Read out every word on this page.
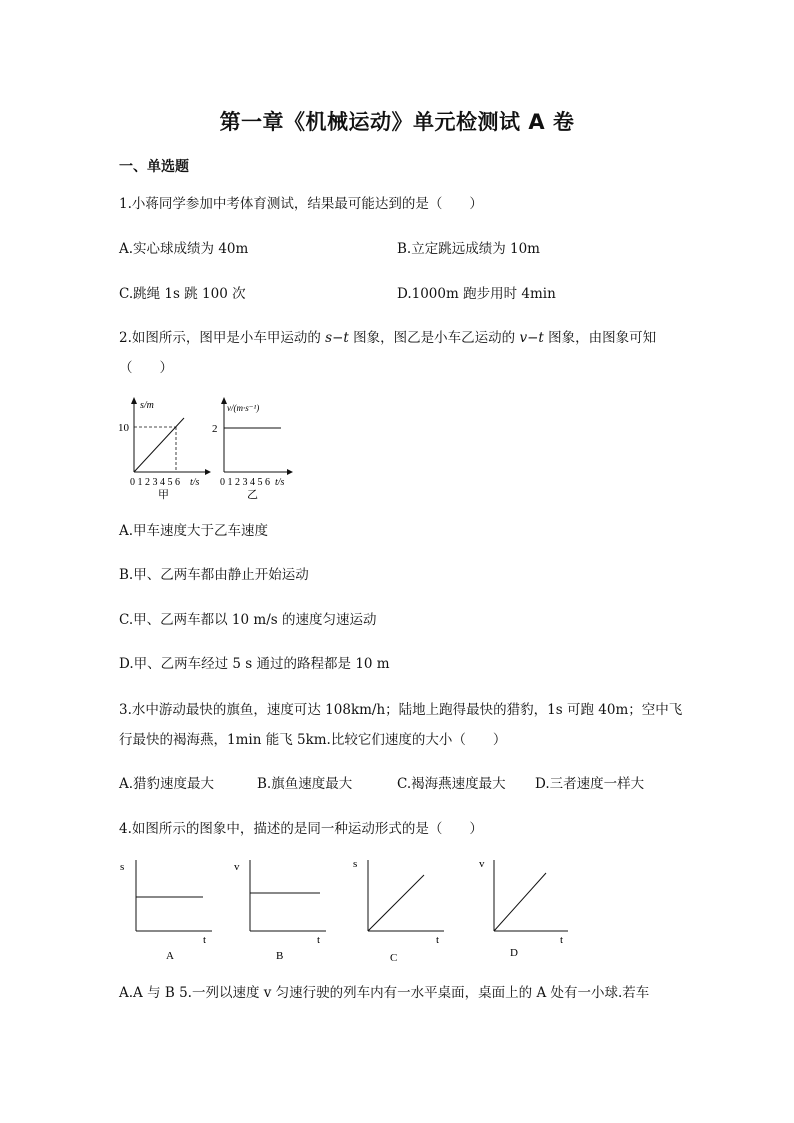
第一章《机械运动》单元检测试 A 卷
一、单选题
1.小蒋同学参加中考体育测试，结果最可能达到的是（　　）
A.实心球成绩为 40m	B.立定跳远成绩为 10m
C.跳绳 1s 跳 100 次	D.1000m 跑步用时 4min
2.如图所示，图甲是小车甲运动的 s−t 图象，图乙是小车乙运动的 v−t 图象，由图象可知
（　　）
s/m
10
0 1 2 3 4 5 6 t/s
甲
v/(m·s⁻¹)
2
0 1 2 3 4 5 6 t/s
乙
A.甲车速度大于乙车速度
B.甲、乙两车都由静止开始运动
C.甲、乙两车都以 10 m/s 的速度匀速运动
D.甲、乙两车经过 5 s 通过的路程都是 10 m
3.水中游动最快的旗鱼，速度可达 108km/h；陆地上跑得最快的猎豹，1s 可跑 40m；空中飞
行最快的褐海燕，1min 能飞 5km.比较它们速度的大小（　　）
A.猎豹速度最大	B.旗鱼速度最大	C.褐海燕速度最大 D.三者速度一样大
4.如图所示的图象中，描述的是同一种运动形式的是（　　）
s
t
A
v
t
B
s
t
C
v
t
D
A.A 与 B 5.一列以速度 v 匀速行驶的列车内有一水平桌面，桌面上的 A 处有一小球.若车
